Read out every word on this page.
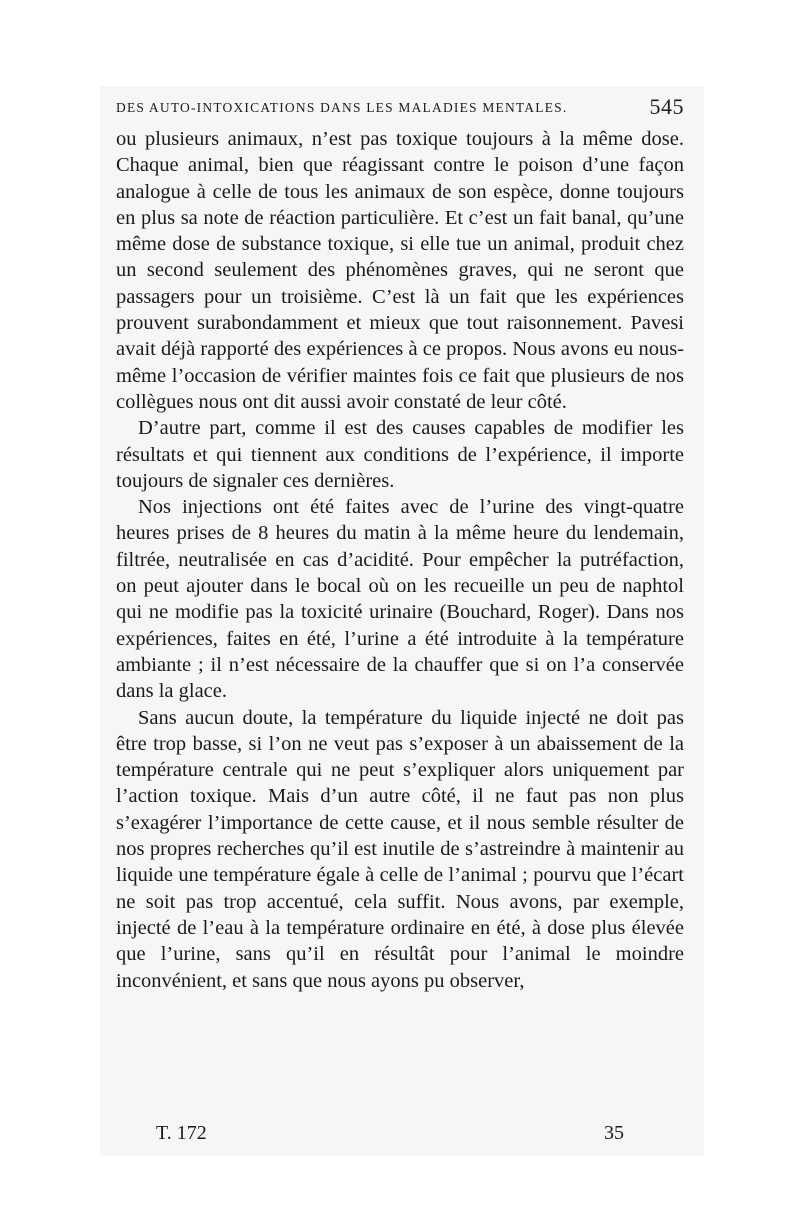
DES AUTO-INTOXICATIONS DANS LES MALADIES MENTALES.	545

ou plusieurs animaux, n’est pas toxique toujours à la même dose. Chaque animal, bien que réagissant contre le poison d’une façon analogue à celle de tous les animaux de son espèce, donne toujours en plus sa note de réaction particulière. Et c’est un fait banal, qu’une même dose de substance toxique, si elle tue un animal, produit chez un second seulement des phénomènes graves, qui ne seront que passagers pour un troisième. C’est là un fait que les expériences prouvent surabondamment et mieux que tout raisonnement. Pavesi avait déjà rapporté des expériences à ce propos. Nous avons eu nous-même l’occasion de vérifier maintes fois ce fait que plusieurs de nos collègues nous ont dit aussi avoir constaté de leur côté.

D’autre part, comme il est des causes capables de modifier les résultats et qui tiennent aux conditions de l’expérience, il importe toujours de signaler ces dernières.

Nos injections ont été faites avec de l’urine des vingt-quatre heures prises de 8 heures du matin à la même heure du lendemain, filtrée, neutralisée en cas d’acidité. Pour empêcher la putréfaction, on peut ajouter dans le bocal où on les recueille un peu de naphtol qui ne modifie pas la toxicité urinaire (Bouchard, Roger). Dans nos expériences, faites en été, l’urine a été introduite à la température ambiante ; il n’est nécessaire de la chauffer que si on l’a conservée dans la glace.

Sans aucun doute, la température du liquide injecté ne doit pas être trop basse, si l’on ne veut pas s’exposer à un abaissement de la température centrale qui ne peut s’expliquer alors uniquement par l’action toxique. Mais d’un autre côté, il ne faut pas non plus s’exagérer l’importance de cette cause, et il nous semble résulter de nos propres recherches qu’il est inutile de s’astreindre à maintenir au liquide une température égale à celle de l’animal ; pourvu que l’écart ne soit pas trop accentué, cela suffit. Nous avons, par exemple, injecté de l’eau à la température ordinaire en été, à dose plus élevée que l’urine, sans qu’il en résultât pour l’animal le moindre inconvénient, et sans que nous ayons pu observer,

T. 172	35
